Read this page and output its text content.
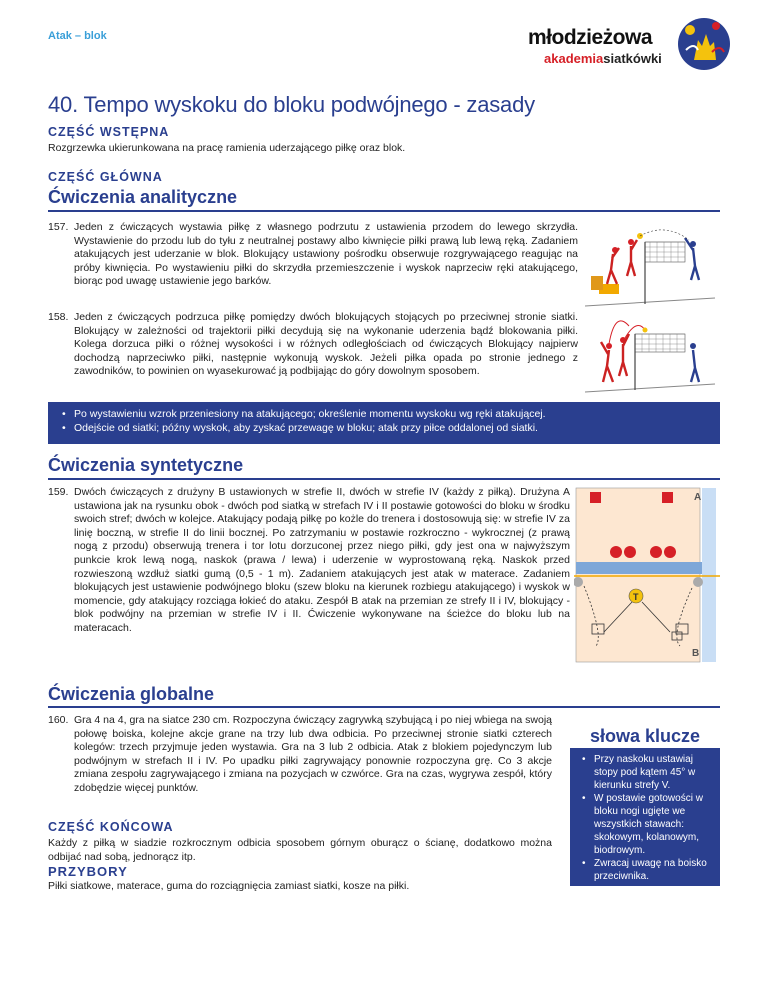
Atak – blok	młodzieżowa
akademiasiatkówki
40. Tempo wyskoku do bloku podwójnego - zasady
CZĘŚĆ WSTĘPNA
Rozgrzewka ukierunkowana na pracę ramienia uderzającego piłkę oraz blok.
CZĘŚĆ GŁÓWNA
Ćwiczenia analityczne
157. Jeden z ćwiczących wystawia piłkę z własnego podrzutu z ustawienia przodem do lewego skrzydła. Wystawienie do przodu lub do tyłu z neutralnej postawy albo kiwnięcie piłki prawą lub lewą ręką. Zadaniem atakujących jest uderzanie w blok. Blokujący ustawiony pośrodku obserwuje rozgrywającego reagując na próby kiwnięcia. Po wystawieniu piłki do skrzydła przemieszczenie i wyskok naprzeciw ręki atakującego, biorąc pod uwagę ustawienie jego barków.
158. Jeden z ćwiczących podrzuca piłkę pomiędzy dwóch blokujących stojących po przeciwnej stronie siatki. Blokujący w zależności od trajektorii piłki decydują się na wykonanie uderzenia bądź blokowania piłki. Kolega dorzuca piłki o różnej wysokości i w różnych odległościach od ćwiczących Blokujący najpierw dochodzą naprzeciwko piłki, następnie wykonują wyskok. Jeżeli piłka opada po stronie jednego z zawodników, to powinien on wyasekurować ją podbijając do góry dowolnym sposobem.
• Po wystawieniu wzrok przeniesiony na atakującego; określenie momentu wyskoku wg ręki atakującej.
• Odejście od siatki; późny wyskok, aby zyskać przewagę w bloku; atak przy piłce oddalonej od siatki.
Ćwiczenia syntetyczne
159. Dwóch ćwiczących z drużyny B ustawionych w strefie II, dwóch w strefie IV (każdy z piłką). Drużyna A ustawiona jak na rysunku obok - dwóch pod siatką w strefach IV i II postawie gotowości do bloku w środku swoich stref; dwóch w kolejce. Atakujący podają piłkę po kożle do trenera i dostosowują się: w strefie IV za linię boczną, w strefie II do linii bocznej. Po zatrzymaniu w postawie rozkroczno - wykrocznej (z prawą nogą z przodu) obserwują trenera i tor lotu dorzuconej przez niego piłki, gdy jest ona w najwyższym punkcie krok lewą nogą, naskok (prawa / lewa) i uderzenie w wyprostowaną ręką. Naskok przed rozwieszoną wzdłuż siatki gumą (0,5 - 1 m). Zadaniem atakujących jest atak w materace. Zadaniem blokujących jest ustawienie podwójnego bloku (szew bloku na kierunek rozbiegu atakującego) i wyskok w momencie, gdy atakujący rozciąga łokieć do ataku. Zespół B atak na przemian ze strefy II i IV, blokujący - blok podwójny na przemian w strefie IV i II. Ćwiczenie wykonywane na ścieżce do bloku lub na materacach.
A
B
T
Ćwiczenia globalne
160. Gra 4 na 4, gra na siatce 230 cm. Rozpoczyna ćwiczący zagrywką szybującą i po niej wbiega na swoją połowę boiska, kolejne akcje grane na trzy lub dwa odbicia. Po przeciwnej stronie siatki czterech kolegów: trzech przyjmuje jeden wystawia. Gra na 3 lub 2 odbicia. Atak z blokiem pojedynczym lub podwójnym w strefach II i IV. Po upadku piłki zagrywający ponownie rozpoczyna grę. Co 3 akcje zmiana zespołu zagrywającego i zmiana na pozycjach w czwórce. Gra na czas, wygrywa zespół, który zdobędzie więcej punktów.
słowa klucze
• Przy naskoku ustawiaj stopy pod kątem 45° w kierunku strefy V.
• W postawie gotowości w bloku nogi ugięte we wszystkich stawach: skokowym, kolanowym, biodrowym.
• Zwracaj uwagę na boisko przeciwnika.
CZĘŚĆ KOŃCOWA
Każdy z piłką w siadzie rozkrocznym odbicia sposobem górnym oburącz o ścianę, dodatkowo można odbijać nad sobą, jednorącz itp.
PRZYBORY
Piłki siatkowe, materace, guma do rozciągnięcia zamiast siatki, kosze na piłki.
